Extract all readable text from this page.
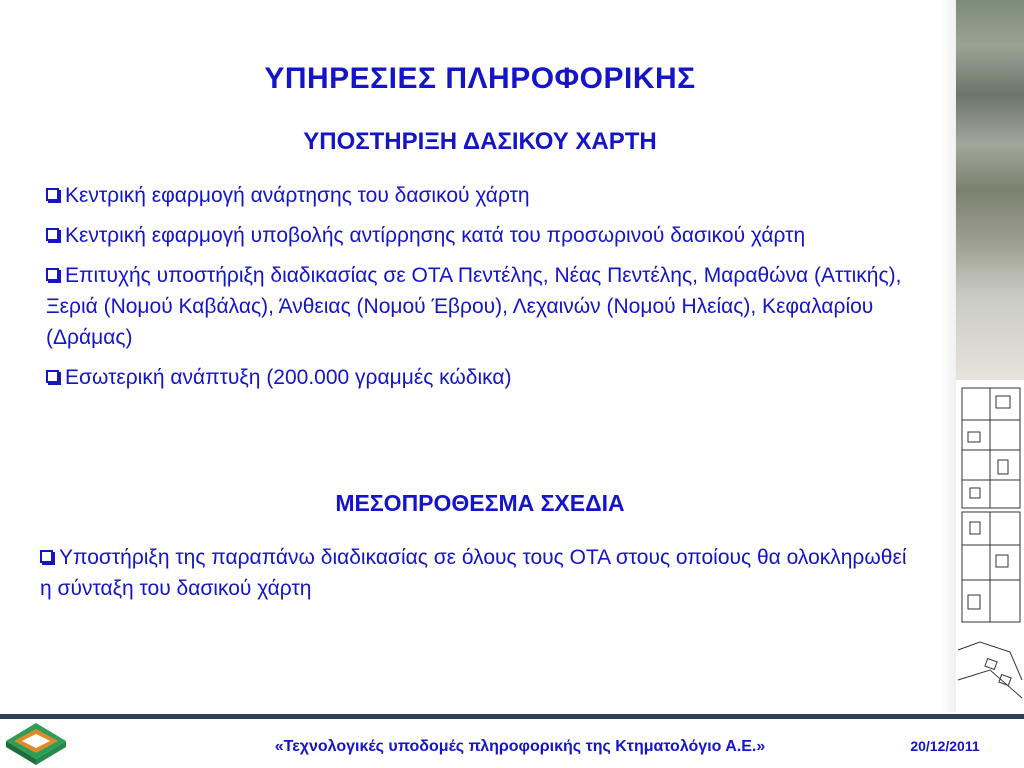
ΥΠΗΡΕΣΙΕΣ ΠΛΗΡΟΦΟΡΙΚΗΣ
ΥΠΟΣΤΗΡΙΞΗ ΔΑΣΙΚΟΥ ΧΑΡΤΗ
Κεντρική εφαρμογή ανάρτησης του δασικού χάρτη
Κεντρική εφαρμογή υποβολής αντίρρησης κατά του προσωρινού δασικού χάρτη
Επιτυχής υποστήριξη διαδικασίας σε ΟΤΑ Πεντέλης, Νέας Πεντέλης, Μαραθώνα (Αττικής), Ξεριά (Νομού Καβάλας), Άνθειας (Νομού Έβρου), Λεχαινών (Νομού Ηλείας), Κεφαλαρίου (Δράμας)
Εσωτερική ανάπτυξη (200.000 γραμμές κώδικα)
ΜΕΣΟΠΡΟΘΕΣΜΑ ΣΧΕΔΙΑ
Υποστήριξη της παραπάνω διαδικασίας σε όλους τους ΟΤΑ στους οποίους θα ολοκληρωθεί η σύνταξη του δασικού χάρτη
«Τεχνολογικές υποδομές πληροφορικής της Κτηματολόγιο Α.Ε.»	20/12/2011
